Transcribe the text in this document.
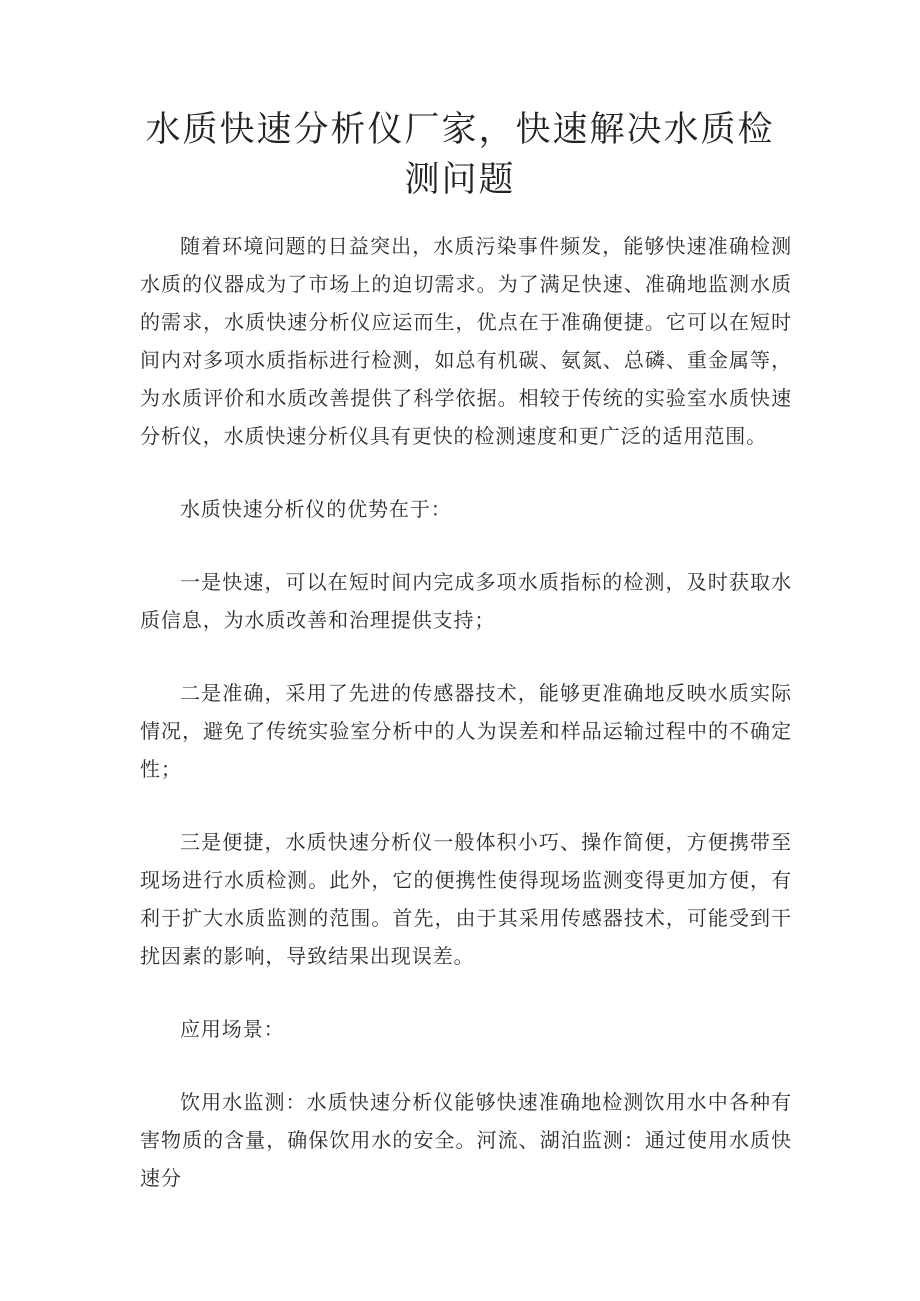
水质快速分析仪厂家，快速解决水质检测问题

随着环境问题的日益突出，水质污染事件频发，能够快速准确检测水质的仪器成为了市场上的迫切需求。为了满足快速、准确地监测水质的需求，水质快速分析仪应运而生，优点在于准确便捷。它可以在短时间内对多项水质指标进行检测，如总有机碳、氨氮、总磷、重金属等，为水质评价和水质改善提供了科学依据。相较于传统的实验室水质快速分析仪，水质快速分析仪具有更快的检测速度和更广泛的适用范围。

水质快速分析仪的优势在于：

一是快速，可以在短时间内完成多项水质指标的检测，及时获取水质信息，为水质改善和治理提供支持；

二是准确，采用了先进的传感器技术，能够更准确地反映水质实际情况，避免了传统实验室分析中的人为误差和样品运输过程中的不确定性；

三是便捷，水质快速分析仪一般体积小巧、操作简便，方便携带至现场进行水质检测。此外，它的便携性使得现场监测变得更加方便，有利于扩大水质监测的范围。首先，由于其采用传感器技术，可能受到干扰因素的影响，导致结果出现误差。

应用场景：

饮用水监测：水质快速分析仪能够快速准确地检测饮用水中各种有害物质的含量，确保饮用水的安全。河流、湖泊监测：通过使用水质快速分
